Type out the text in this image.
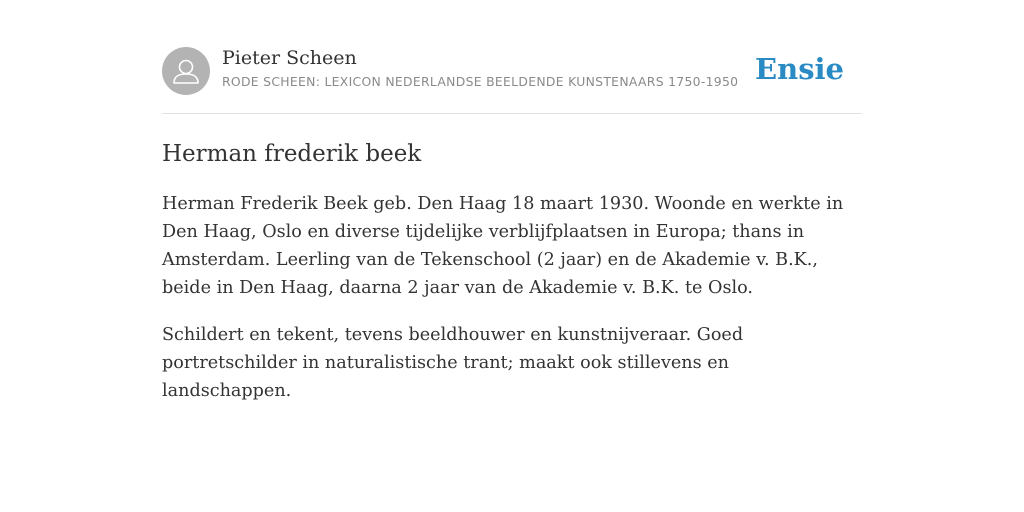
Pieter Scheen
RODE SCHEEN: LEXICON NEDERLANDSE BEELDENDE KUNSTENAARS 1750-1950 Ensie
Herman frederik beek

Herman Frederik Beek geb. Den Haag 18 maart 1930. Woonde en werkte in Den Haag, Oslo en diverse tijdelijke verblijfplaatsen in Europa; thans in Amsterdam. Leerling van de Tekenschool (2 jaar) en de Akademie v. B.K., beide in Den Haag, daarna 2 jaar van de Akademie v. B.K. te Oslo.

Schildert en tekent, tevens beeldhouwer en kunstnijveraar. Goed portretschilder in naturalistische trant; maakt ook stillevens en landschappen.
